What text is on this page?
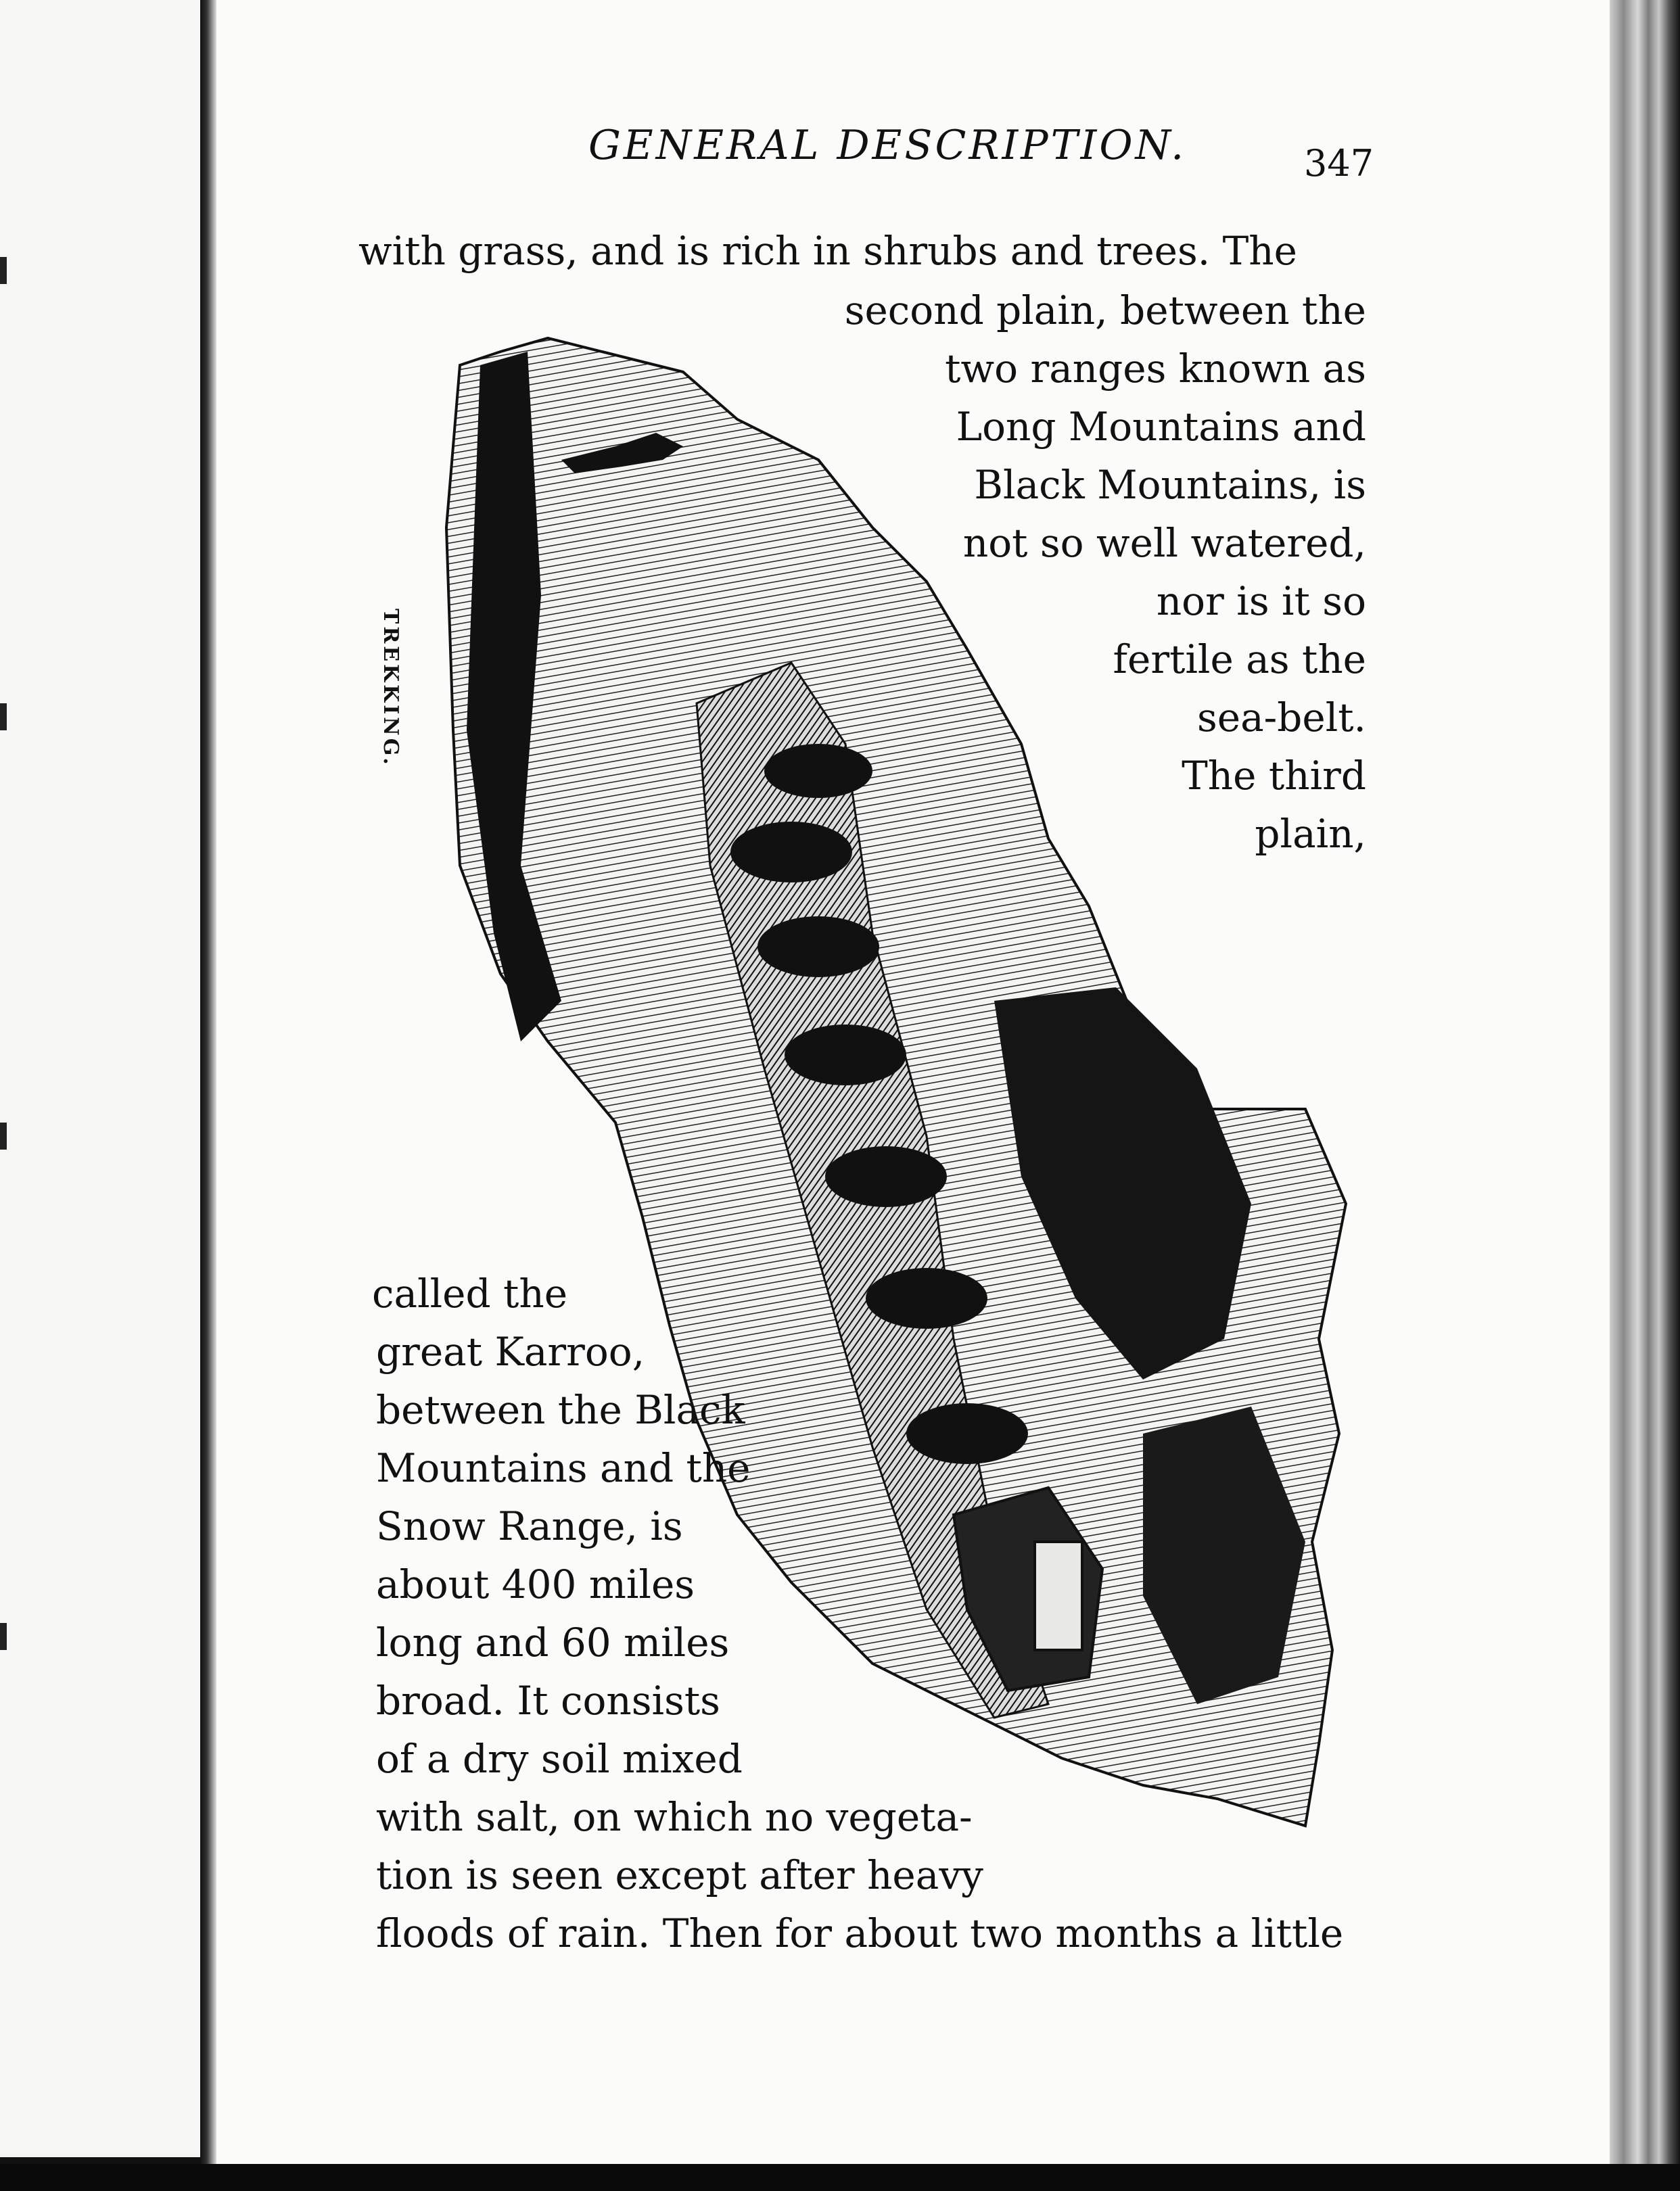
GENERAL DESCRIPTION.	347
TREKKING.
with grass, and is rich in shrubs and trees. The
second plain, between the
two ranges known as
Long Mountains and
Black Mountains, is
not so well watered,
nor is it so
fertile as the
sea-belt.
The third
plain,
called the
great Karroo,
between the Black
Mountains and the
Snow Range, is
about 400 miles
long and 60 miles
broad. It consists
of a dry soil mixed
with salt, on which no vegeta-
tion is seen except after heavy
floods of rain. Then for about two months a little
